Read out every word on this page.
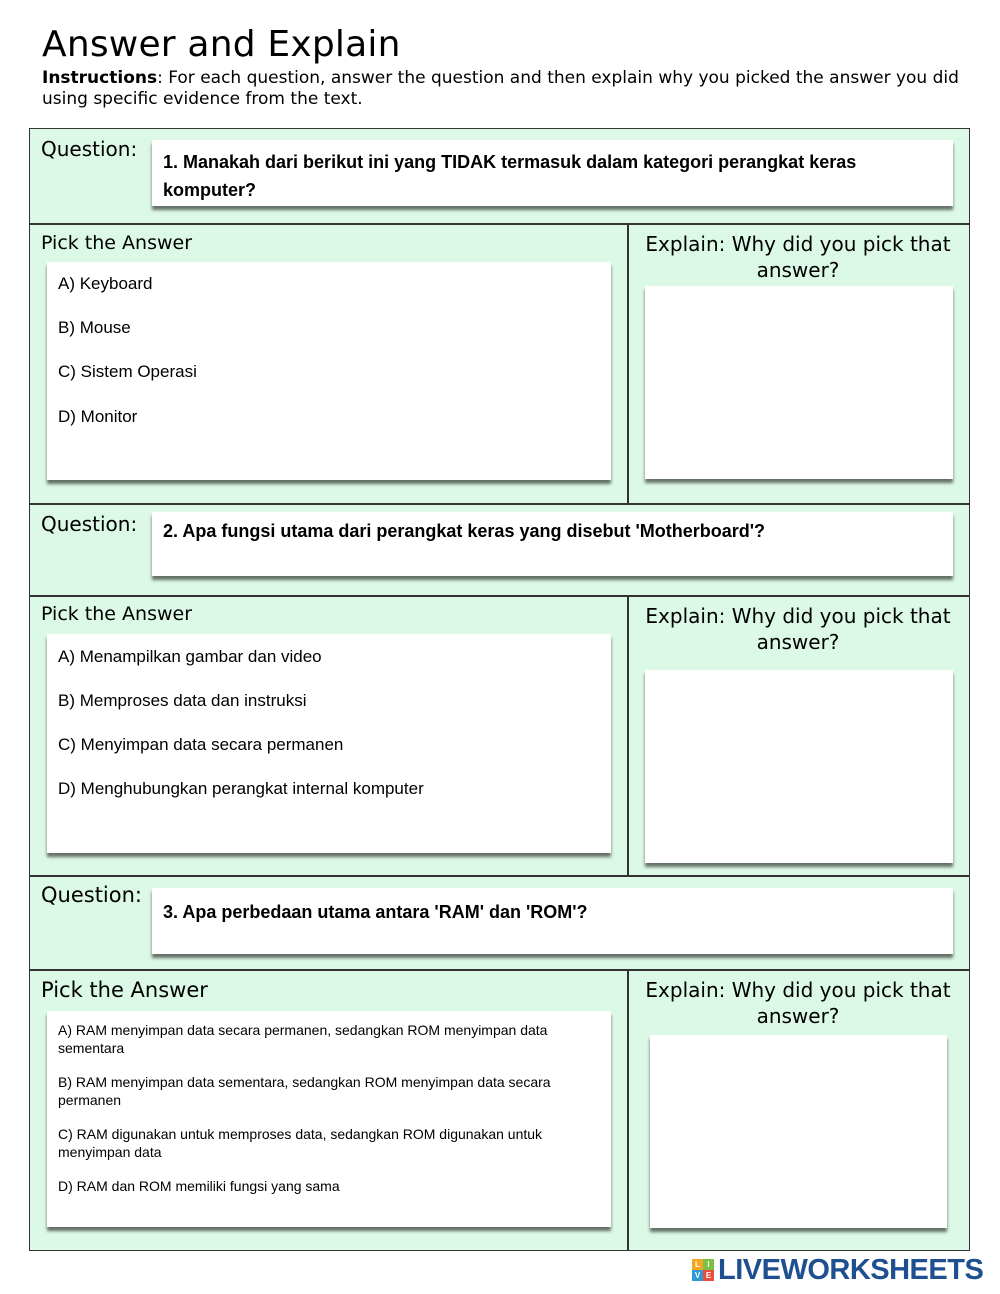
Answer and Explain
Instructions: For each question, answer the question and then explain why you picked the answer you did using specific evidence from the text.
Question:
1. Manakah dari berikut ini yang TIDAK termasuk dalam kategori perangkat keras komputer?
Pick the Answer
A) Keyboard
B) Mouse
C) Sistem Operasi
D) Monitor
Explain: Why did you pick that answer?
Question: 2. Apa fungsi utama dari perangkat keras yang disebut 'Motherboard'?
Pick the Answer
A) Menampilkan gambar dan video
B) Memproses data dan instruksi
C) Menyimpan data secara permanen
D) Menghubungkan perangkat internal komputer
Explain: Why did you pick that answer?
Question:
3. Apa perbedaan utama antara 'RAM' dan 'ROM'?
Pick the Answer
A) RAM menyimpan data secara permanen, sedangkan ROM menyimpan data sementara
B) RAM menyimpan data sementara, sedangkan ROM menyimpan data secara permanen
C) RAM digunakan untuk memproses data, sedangkan ROM digunakan untuk menyimpan data
D) RAM dan ROM memiliki fungsi yang sama
Explain: Why did you pick that answer?
L I
V E LIVEWORKSHEETS
